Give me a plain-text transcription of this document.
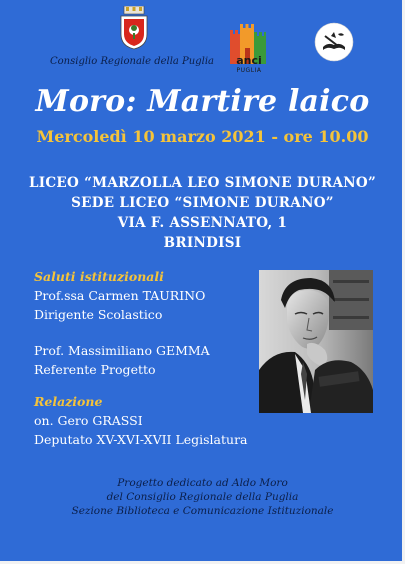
Consiglio Regionale della Puglia	anci
PUGLIA
Moro: Martire laico
Mercoledì 10 marzo 2021 - ore 10.00
LICEO “MARZOLLA LEO SIMONE DURANO”
SEDE LICEO “SIMONE DURANO”
VIA F. ASSENNATO, 1
BRINDISI
Saluti istituzionali
Prof.ssa Carmen TAURINO
Dirigente Scolastico
Prof. Massimiliano GEMMA
Referente Progetto
Relazione
on. Gero GRASSI
Deputato XV-XVI-XVII Legislatura
Progetto dedicato ad Aldo Moro
del Consiglio Regionale della Puglia
Sezione Biblioteca e Comunicazione Istituzionale
